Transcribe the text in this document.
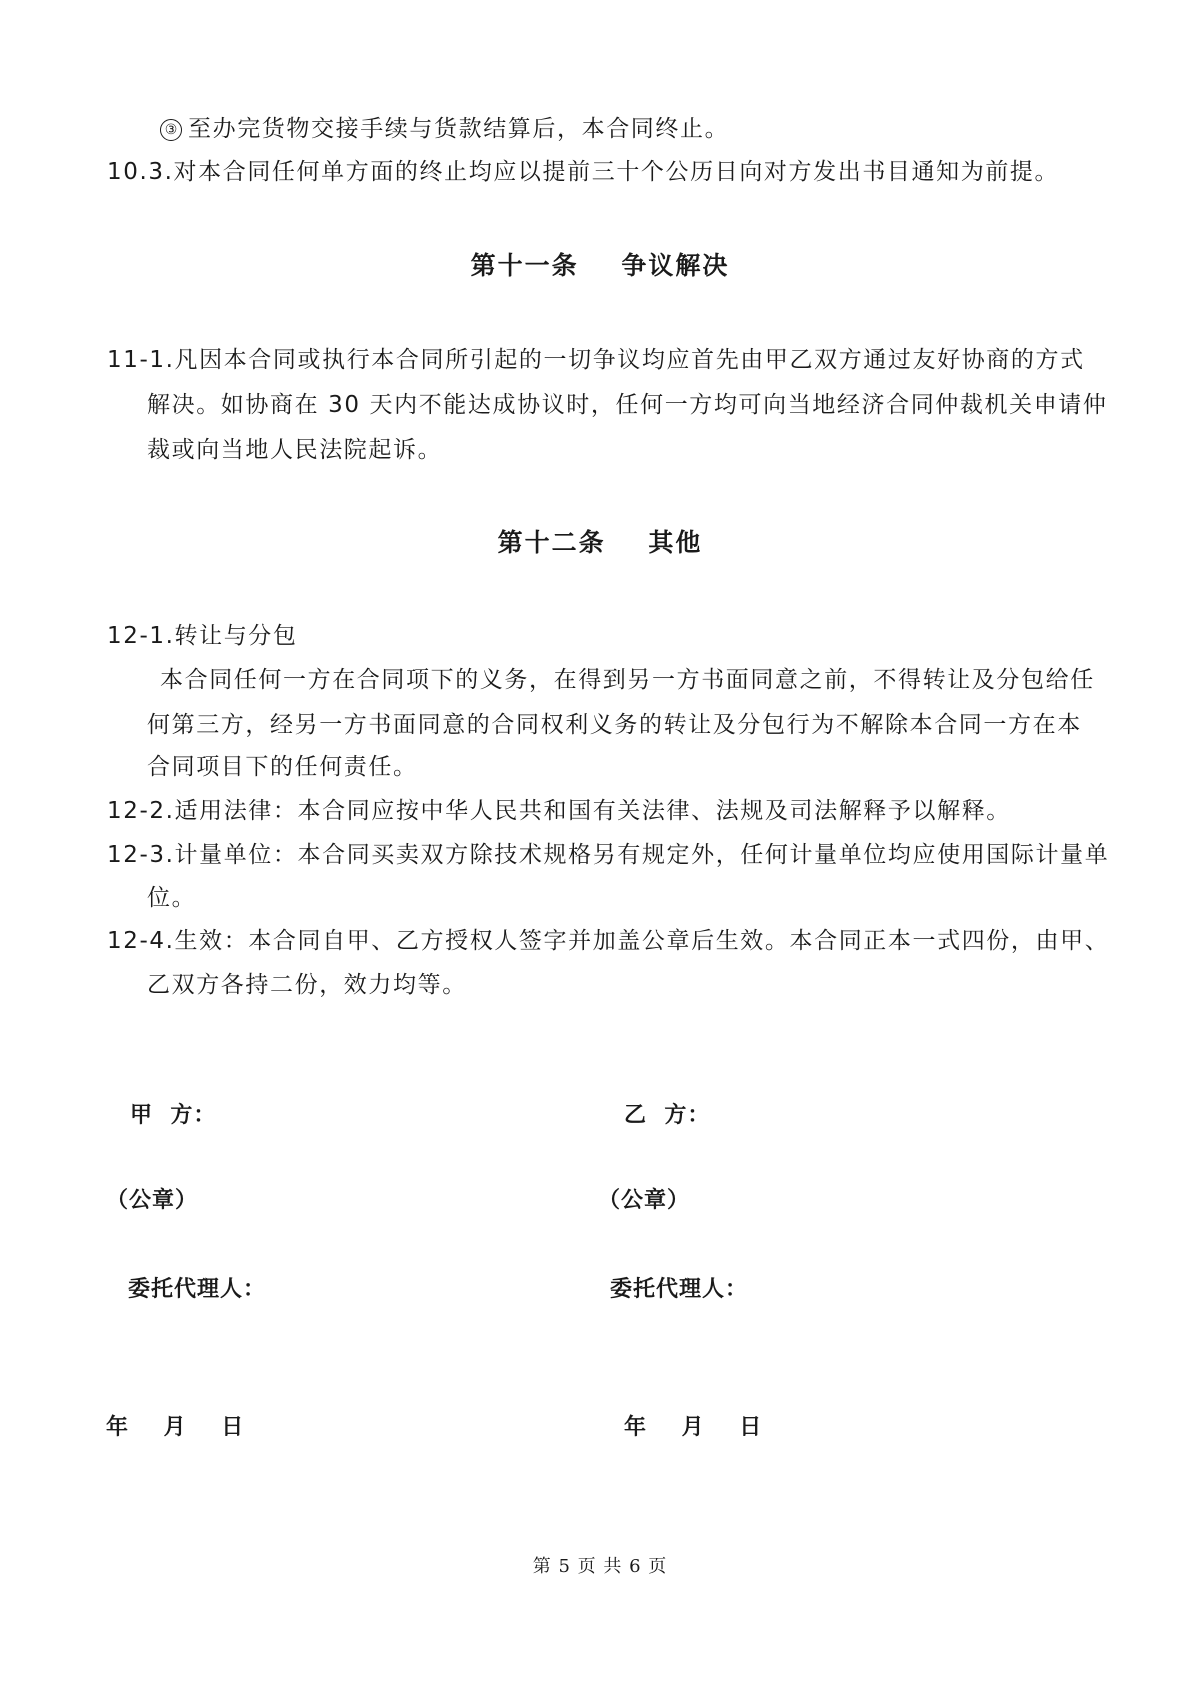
③ 至办完货物交接手续与货款结算后，本合同终止。
10.3.对本合同任何单方面的终止均应以提前三十个公历日向对方发出书目通知为前提。
第十一条    争议解决
11-1.凡因本合同或执行本合同所引起的一切争议均应首先由甲乙双方通过友好协商的方式
解决。如协商在 30 天内不能达成协议时，任何一方均可向当地经济合同仲裁机关申请仲
裁或向当地人民法院起诉。
第十二条    其他
12-1.转让与分包
本合同任何一方在合同项下的义务，在得到另一方书面同意之前，不得转让及分包给任
何第三方，经另一方书面同意的合同权利义务的转让及分包行为不解除本合同一方在本
合同项目下的任何责任。
12-2.适用法律：本合同应按中华人民共和国有关法律、法规及司法解释予以解释。
12-3.计量单位：本合同买卖双方除技术规格另有规定外，任何计量单位均应使用国际计量单
位。
12-4.生效：本合同自甲、乙方授权人签字并加盖公章后生效。本合同正本一式四份，由甲、
乙双方各持二份，效力均等。
甲  方：
（公章）
委托代理人：
年    月    日
乙  方：
（公章）
委托代理人：
年    月    日
第 5 页 共 6 页
